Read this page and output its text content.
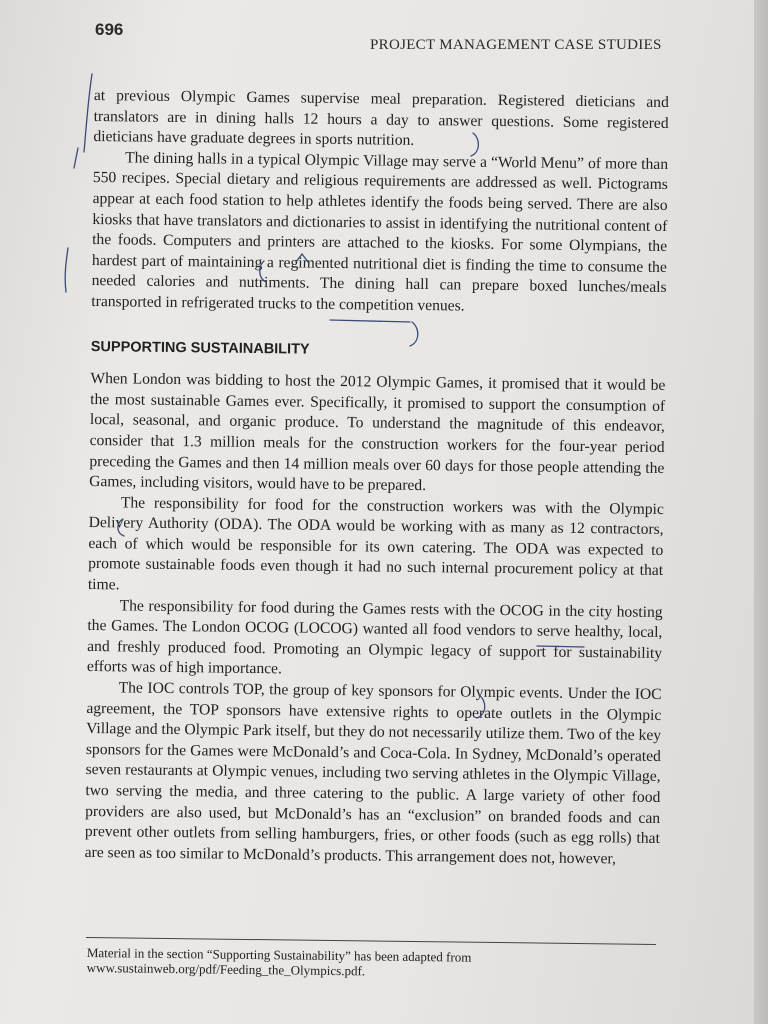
696
PROJECT MANAGEMENT CASE STUDIES

at previous Olympic Games supervise meal preparation. Registered dieticians and translators are in dining halls 12 hours a day to answer questions. Some registered dieticians have graduate degrees in sports nutrition.

The dining halls in a typical Olympic Village may serve a “World Menu” of more than 550 recipes. Special dietary and religious requirements are addressed as well. Pictograms appear at each food station to help athletes identify the foods being served. There are also kiosks that have translators and dictionaries to assist in identifying the nutritional content of the foods. Computers and printers are attached to the kiosks. For some Olympians, the hardest part of maintaining a regimented nutritional diet is finding the time to consume the needed calories and nutriments. The dining hall can prepare boxed lunches/meals transported in refrigerated trucks to the competition venues.

SUPPORTING SUSTAINABILITY

When London was bidding to host the 2012 Olympic Games, it promised that it would be the most sustainable Games ever. Specifically, it promised to support the consumption of local, seasonal, and organic produce. To understand the magnitude of this endeavor, consider that 1.3 million meals for the construction workers for the four-year period preceding the Games and then 14 million meals over 60 days for those people attending the Games, including visitors, would have to be prepared.

The responsibility for food for the construction workers was with the Olympic Delivery Authority (ODA). The ODA would be working with as many as 12 contractors, each of which would be responsible for its own catering. The ODA was expected to promote sustainable foods even though it had no such internal procurement policy at that time.

The responsibility for food during the Games rests with the OCOG in the city hosting the Games. The London OCOG (LOCOG) wanted all food vendors to serve healthy, local, and freshly produced food. Promoting an Olympic legacy of support for sustainability efforts was of high importance.

The IOC controls TOP, the group of key sponsors for Olympic events. Under the IOC agreement, the TOP sponsors have extensive rights to operate outlets in the Olympic Village and the Olympic Park itself, but they do not necessarily utilize them. Two of the key sponsors for the Games were McDonald’s and Coca-Cola. In Sydney, McDonald’s operated seven restaurants at Olympic venues, including two serving athletes in the Olympic Village, two serving the media, and three catering to the public. A large variety of other food providers are also used, but McDonald’s has an “exclusion” on branded foods and can prevent other outlets from selling hamburgers, fries, or other foods (such as egg rolls) that are seen as too similar to McDonald’s products. This arrangement does not, however,

Material in the section “Supporting Sustainability” has been adapted from www.sustainweb.org/pdf/Feeding_the_Olympics.pdf.
